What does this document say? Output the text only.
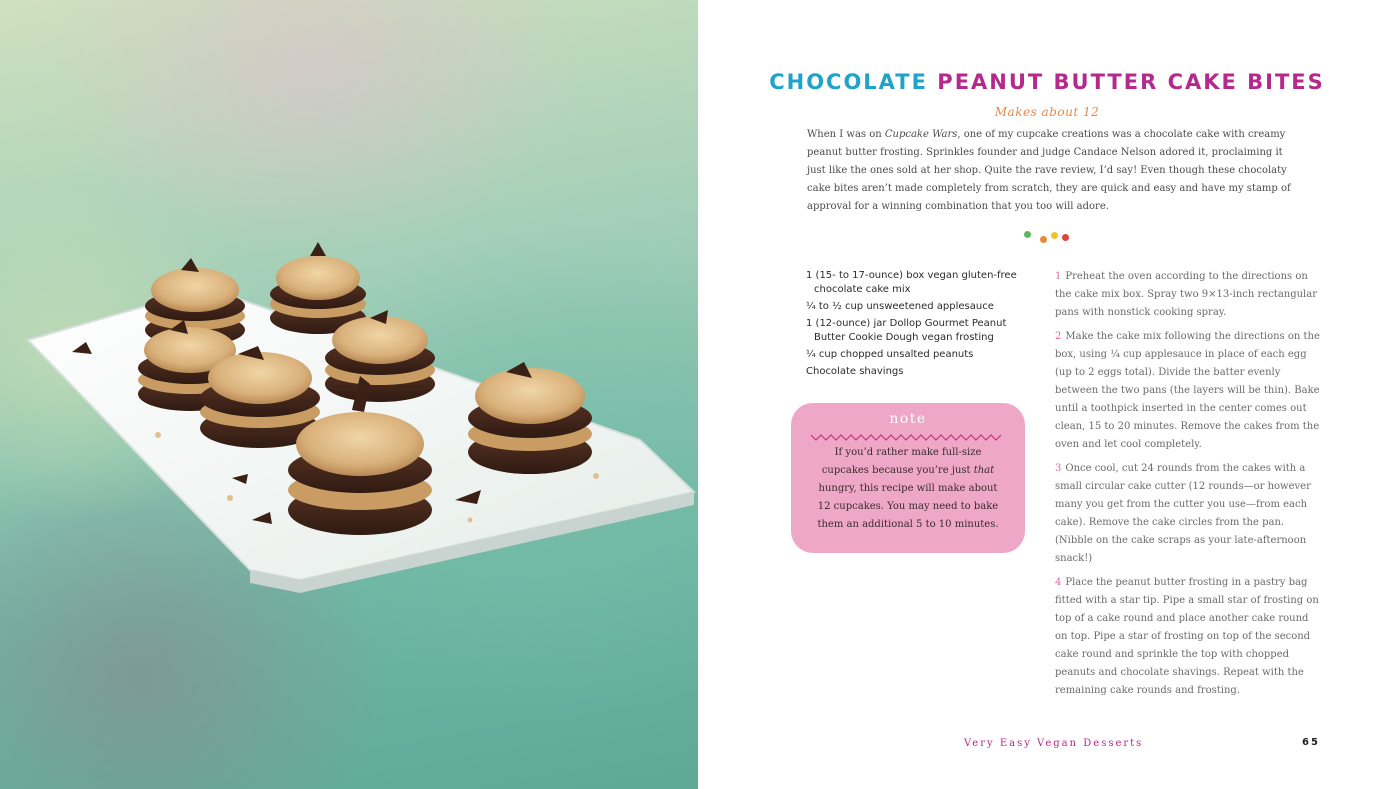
CHOCOLATE PEANUT BUTTER CAKE BITES
Makes about 12

When I was on Cupcake Wars, one of my cupcake creations was a chocolate cake with creamy peanut butter frosting. Sprinkles founder and judge Candace Nelson adored it, proclaiming it just like the ones sold at her shop. Quite the rave review, I’d say! Even though these chocolaty cake bites aren’t made completely from scratch, they are quick and easy and have my stamp of approval for a winning combination that you too will adore.

1 (15- to 17-ounce) box vegan gluten-free chocolate cake mix
¼ to ½ cup unsweetened applesauce
1 (12-ounce) jar Dollop Gourmet Peanut Butter Cookie Dough vegan frosting
¼ cup chopped unsalted peanuts
Chocolate shavings
note
If you’d rather make full-size cupcakes because you’re just that hungry, this recipe will make about 12 cupcakes. You may need to bake them an additional 5 to 10 minutes.
1 Preheat the oven according to the directions on the cake mix box. Spray two 9×13-inch rectangular pans with nonstick cooking spray.
2 Make the cake mix following the directions on the box, using ¼ cup applesauce in place of each egg (up to 2 eggs total). Divide the batter evenly between the two pans (the layers will be thin). Bake until a toothpick inserted in the center comes out clean, 15 to 20 minutes. Remove the cakes from the oven and let cool completely.
3 Once cool, cut 24 rounds from the cakes with a small circular cake cutter (12 rounds—or however many you get from the cutter you use—from each cake). Remove the cake circles from the pan. (Nibble on the cake scraps as your late-afternoon snack!)
4 Place the peanut butter frosting in a pastry bag fitted with a star tip. Pipe a small star of frosting on top of a cake round and place another cake round on top. Pipe a star of frosting on top of the second cake round and sprinkle the top with chopped peanuts and chocolate shavings. Repeat with the remaining cake rounds and frosting.
Very Easy Vegan Desserts	65
